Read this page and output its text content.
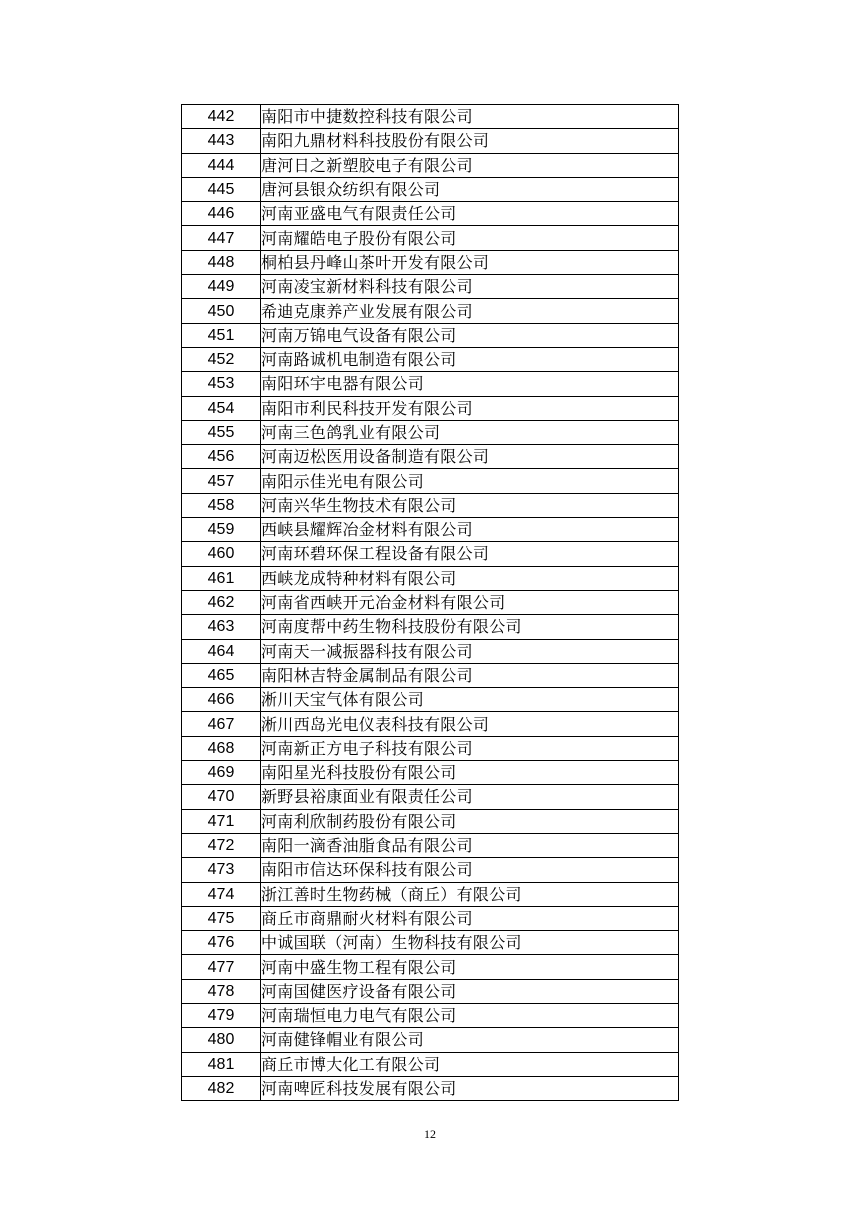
442	南阳市中捷数控科技有限公司
443	南阳九鼎材料科技股份有限公司
444	唐河日之新塑胶电子有限公司
445	唐河县银众纺织有限公司
446	河南亚盛电气有限责任公司
447	河南耀皓电子股份有限公司
448	桐柏县丹峰山茶叶开发有限公司
449	河南凌宝新材料科技有限公司
450	希迪克康养产业发展有限公司
451	河南万锦电气设备有限公司
452	河南路诚机电制造有限公司
453	南阳环宇电器有限公司
454	南阳市利民科技开发有限公司
455	河南三色鸽乳业有限公司
456	河南迈松医用设备制造有限公司
457	南阳示佳光电有限公司
458	河南兴华生物技术有限公司
459	西峡县耀辉冶金材料有限公司
460	河南环碧环保工程设备有限公司
461	西峡龙成特种材料有限公司
462	河南省西峡开元冶金材料有限公司
463	河南度帮中药生物科技股份有限公司
464	河南天一减振器科技有限公司
465	南阳林吉特金属制品有限公司
466	淅川天宝气体有限公司
467	淅川西岛光电仪表科技有限公司
468	河南新正方电子科技有限公司
469	南阳星光科技股份有限公司
470	新野县裕康面业有限责任公司
471	河南利欣制药股份有限公司
472	南阳一滴香油脂食品有限公司
473	南阳市信达环保科技有限公司
474	浙江善时生物药械（商丘）有限公司
475	商丘市商鼎耐火材料有限公司
476	中诚国联（河南）生物科技有限公司
477	河南中盛生物工程有限公司
478	河南国健医疗设备有限公司
479	河南瑞恒电力电气有限公司
480	河南健锋帽业有限公司
481	商丘市博大化工有限公司
482	河南啤匠科技发展有限公司
12
